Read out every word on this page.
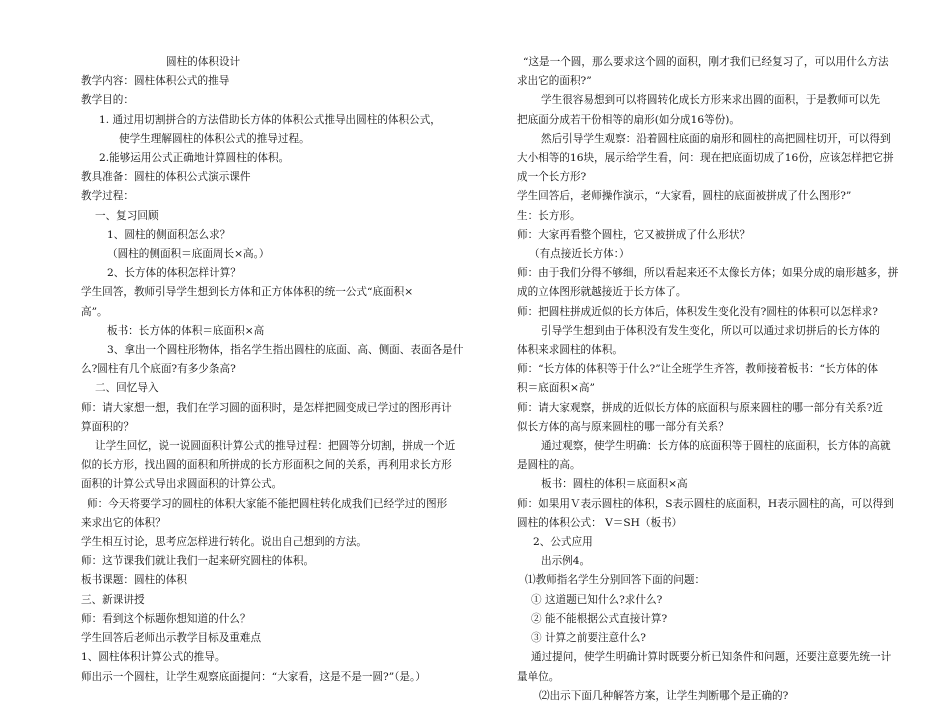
圆柱的体积设计
教学内容：圆柱体积公式的推导
教学目的：
1. 通过用切割拼合的方法借助长方体的体积公式推导出圆柱的体积公式，
使学生理解圆柱的体积公式的推导过程。
2.能够运用公式正确地计算圆柱的体积。
教具准备：圆柱的体积公式演示课件
教学过程：
一、复习回顾
1、圆柱的侧面积怎么求？
（圆柱的侧面积＝底面周长×高。）
2、长方体的体积怎样计算？
学生回答，教师引导学生想到长方体和正方体体积的统一公式“底面积×
高”。
板书：长方体的体积＝底面积×高
3、拿出一个圆柱形物体，指名学生指出圆柱的底面、高、侧面、表面各是什
么?圆柱有几个底面?有多少条高?
二、回忆导入
师：请大家想一想，我们在学习圆的面积时，是怎样把圆变成已学过的图形再计
算面积的？
让学生回忆，说一说圆面积计算公式的推导过程：把圆等分切割，拼成一个近
似的长方形，找出圆的面积和所拼成的长方形面积之间的关系，再利用求长方形
面积的计算公式导出求圆面积的计算公式。
师：今天将要学习的圆柱的体积大家能不能把圆柱转化成我们已经学过的图形
来求出它的体积？
学生相互讨论，思考应怎样进行转化。说出自己想到的方法。
师：这节课我们就让我们一起来研究圆柱的体积。
板书课题：圆柱的体积
三、新课讲授
师：看到这个标题你想知道的什么？
学生回答后老师出示教学目标及重难点
1、圆柱体积计算公式的推导。
师出示一个圆柱，让学生观察底面提问：“大家看，这是不是一圆?”（是。）
“这是一个圆，那么要求这个圆的面积，刚才我们已经复习了，可以用什么方法
求出它的面积?”
学生很容易想到可以将圆转化成长方形来求出圆的面积，于是教师可以先
把底面分成若干份相等的扇形(如分成16等份)。
然后引导学生观察：沿着圆柱底面的扇形和圆柱的高把圆柱切开，可以得到
大小相等的16块，展示给学生看，问：现在把底面切成了16份，应该怎样把它拼
成一个长方形?
学生回答后，老师操作演示，“大家看，圆柱的底面被拼成了什么图形?”
生：长方形。
师：大家再看整个圆柱，它又被拼成了什么形状？
（有点接近长方体：）
师：由于我们分得不够细，所以看起来还不太像长方体；如果分成的扇形越多，拼
成的立体图形就越接近于长方体了。
师：把圆柱拼成近似的长方体后，体积发生变化没有?圆柱的体积可以怎样求?
引导学生想到由于体积没有发生变化，所以可以通过求切拼后的长方体的
体积来求圆柱的体积。
师：“长方体的体积等于什么?”让全班学生齐答，教师接着板书：“长方体的体
积＝底面积×高”
师：请大家观察，拼成的近似长方体的底面积与原来圆柱的哪一部分有关系?近
似长方体的高与原来圆柱的哪一部分有关系？
通过观察，使学生明确：长方体的底面积等于圆柱的底面积，长方体的高就
是圆柱的高。
板书：圆柱的体积＝底面积×高
师：如果用Ｖ表示圆柱的体积，S表示圆柱的底面积，H表示圆柱的高，可以得到
圆柱的体积公式： V＝SH（板书）
2、公式应用
出示例4。
⑴教师指名学生分别回答下面的问题：
① 这道题已知什么?求什么?
② 能不能根据公式直接计算?
③ 计算之前要注意什么?
通过提问，使学生明确计算时既要分析已知条件和问题，还要注意要先统一计
量单位。
⑵出示下面几种解答方案，让学生判断哪个是正确的?
